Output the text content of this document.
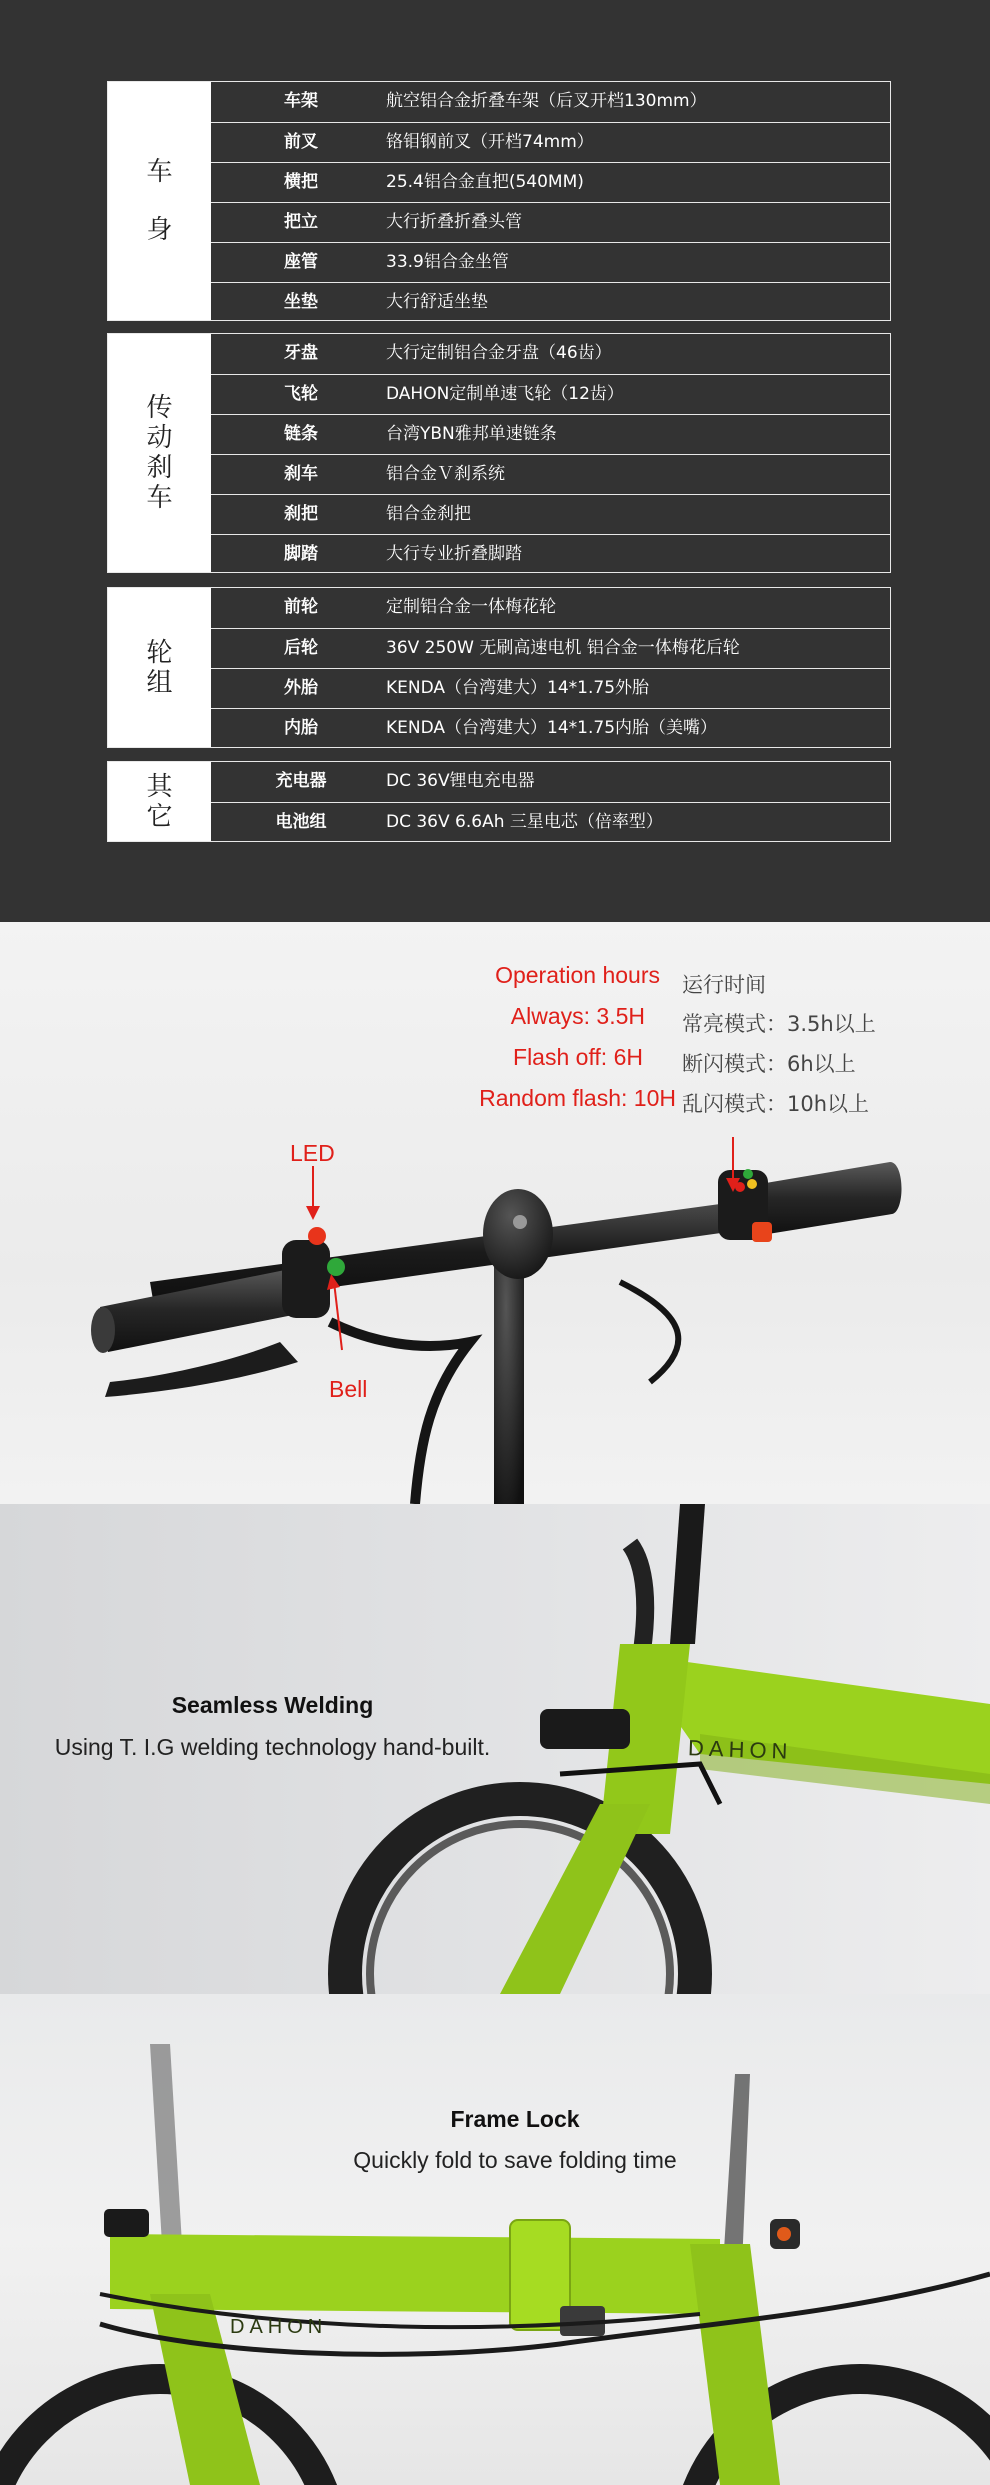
车身
车架	航空铝合金折叠车架（后叉开档130mm）
前叉	铬钼钢前叉（开档74mm）
横把	25.4铝合金直把(540MM)
把立	大行折叠折叠头管
座管	33.9铝合金坐管
坐垫	大行舒适坐垫
传动刹车
牙盘	大行定制铝合金牙盘（46齿）
飞轮	DAHON定制单速飞轮（12齿）
链条	台湾YBN雅邦单速链条
刹车	铝合金Ｖ刹系统
刹把	铝合金刹把
脚踏	大行专业折叠脚踏
轮组
前轮	定制铝合金一体梅花轮
后轮	36V 250W 无刷高速电机 铝合金一体梅花后轮
外胎	KENDA（台湾建大）14*1.75外胎
内胎	KENDA（台湾建大）14*1.75内胎（美嘴）
其它
充电器	DC 36V锂电充电器
电池组	DC 36V 6.6Ah 三星电芯（倍率型）
Operation hours
Always: 3.5H
Flash off: 6H
Random flash: 10H
运行时间
常亮模式：3.5h以上
断闪模式：6h以上
乱闪模式：10h以上
LED
Bell
DAHON
Seamless Welding
Using T. I.G welding technology hand-built.
DAHON
Frame Lock
Quickly fold to save folding time
